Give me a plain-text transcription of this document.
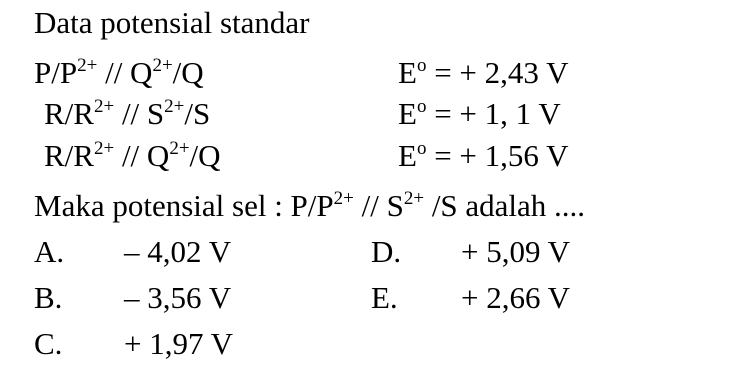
Data potensial standar
$P/P^{2+} // Q^{2+}/Q$	$E^o$ = + 2,43 V
$R/R^{2+} // S^{2+}/S$	$E^o$ = + 1, 1 V
$R/R^{2+} // Q^{2+}/Q$	$E^o$ = + 1,56 V
Maka potensial sel : $P/P^{2+} // S^{2+}$ /S adalah ....
A. – 4,02 V
B. – 3,56 V
C. + 1,97 V
D. + 5,09 V
E. + 2,66 V
